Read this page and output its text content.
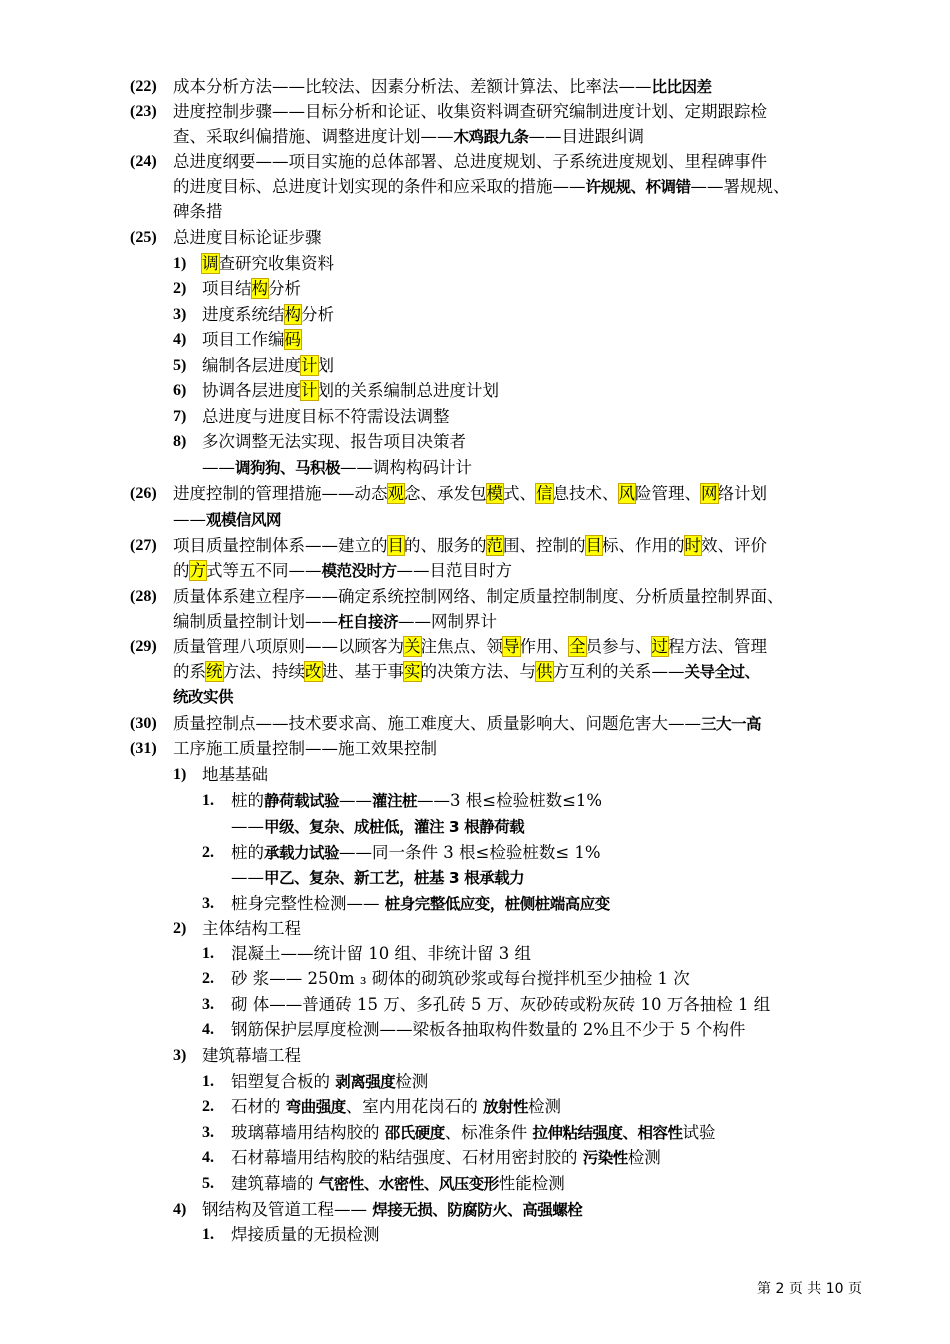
(22) 成本分析方法——比较法、因素分析法、差额计算法、比率法——比比因差
(23) 进度控制步骤——目标分析和论证、收集资料调查研究编制进度计划、定期跟踪检
查、采取纠偏措施、调整进度计划——木鸡跟九条——目进跟纠调
(24) 总进度纲要——项目实施的总体部署、总进度规划、子系统进度规划、里程碑事件
的进度目标、总进度计划实现的条件和应采取的措施——许规规、杯调错——署规规、
碑条措
(25) 总进度目标论证步骤
1) 调查研究收集资料
2) 项目结构分析
3) 进度系统结构分析
4) 项目工作编码
5) 编制各层进度计划
6) 协调各层进度计划的关系编制总进度计划
7) 总进度与进度目标不符需设法调整
8) 多次调整无法实现、报告项目决策者
——调狗狗、马积极——调构构码计计
(26) 进度控制的管理措施——动态观念、承发包模式、信息技术、风险管理、网络计划
——观模信风网
(27) 项目质量控制体系——建立的目的、服务的范围、控制的目标、作用的时效、评价
的方式等五不同——模范没时方——目范目时方
(28) 质量体系建立程序——确定系统控制网络、制定质量控制制度、分析质量控制界面、
编制质量控制计划——枉自接济——网制界计
(29) 质量管理八项原则——以顾客为关注焦点、领导作用、全员参与、过程方法、管理
的系统方法、持续改进、基于事实的决策方法、与供方互利的关系——关导全过、
统改实供
(30) 质量控制点——技术要求高、施工难度大、质量影响大、问题危害大——三大一高
(31) 工序施工质量控制——施工效果控制
1) 地基基础
1. 桩的静荷载试验——灌注桩——3 根≤检验桩数≤1%
——甲级、复杂、成桩低，灌注 3 根静荷载
2. 桩的承载力试验——同一条件 3 根≤检验桩数≤ 1%
——甲乙、复杂、新工艺，桩基 3 根承载力
3. 桩身完整性检测—— 桩身完整低应变，桩侧桩端高应变
2) 主体结构工程
1. 混凝土——统计留 10 组、非统计留 3 组
2. 砂 浆—— 250m ₃ 砌体的砌筑砂浆或每台搅拌机至少抽检 1 次
3. 砌 体——普通砖 15 万、多孔砖 5 万、灰砂砖或粉灰砖 10 万各抽检 1 组
4. 钢筋保护层厚度检测——梁板各抽取构件数量的 2%且不少于 5 个构件
3) 建筑幕墙工程
1. 铝塑复合板的 剥离强度检测
2. 石材的 弯曲强度、室内用花岗石的 放射性检测
3. 玻璃幕墙用结构胶的 邵氏硬度、标准条件 拉伸粘结强度、相容性试验
4. 石材幕墙用结构胶的粘结强度、石材用密封胶的 污染性检测
5. 建筑幕墙的 气密性、水密性、风压变形性能检测
4) 钢结构及管道工程—— 焊接无损、防腐防火、高强螺栓
1. 焊接质量的无损检测
第 2 页 共 10 页
